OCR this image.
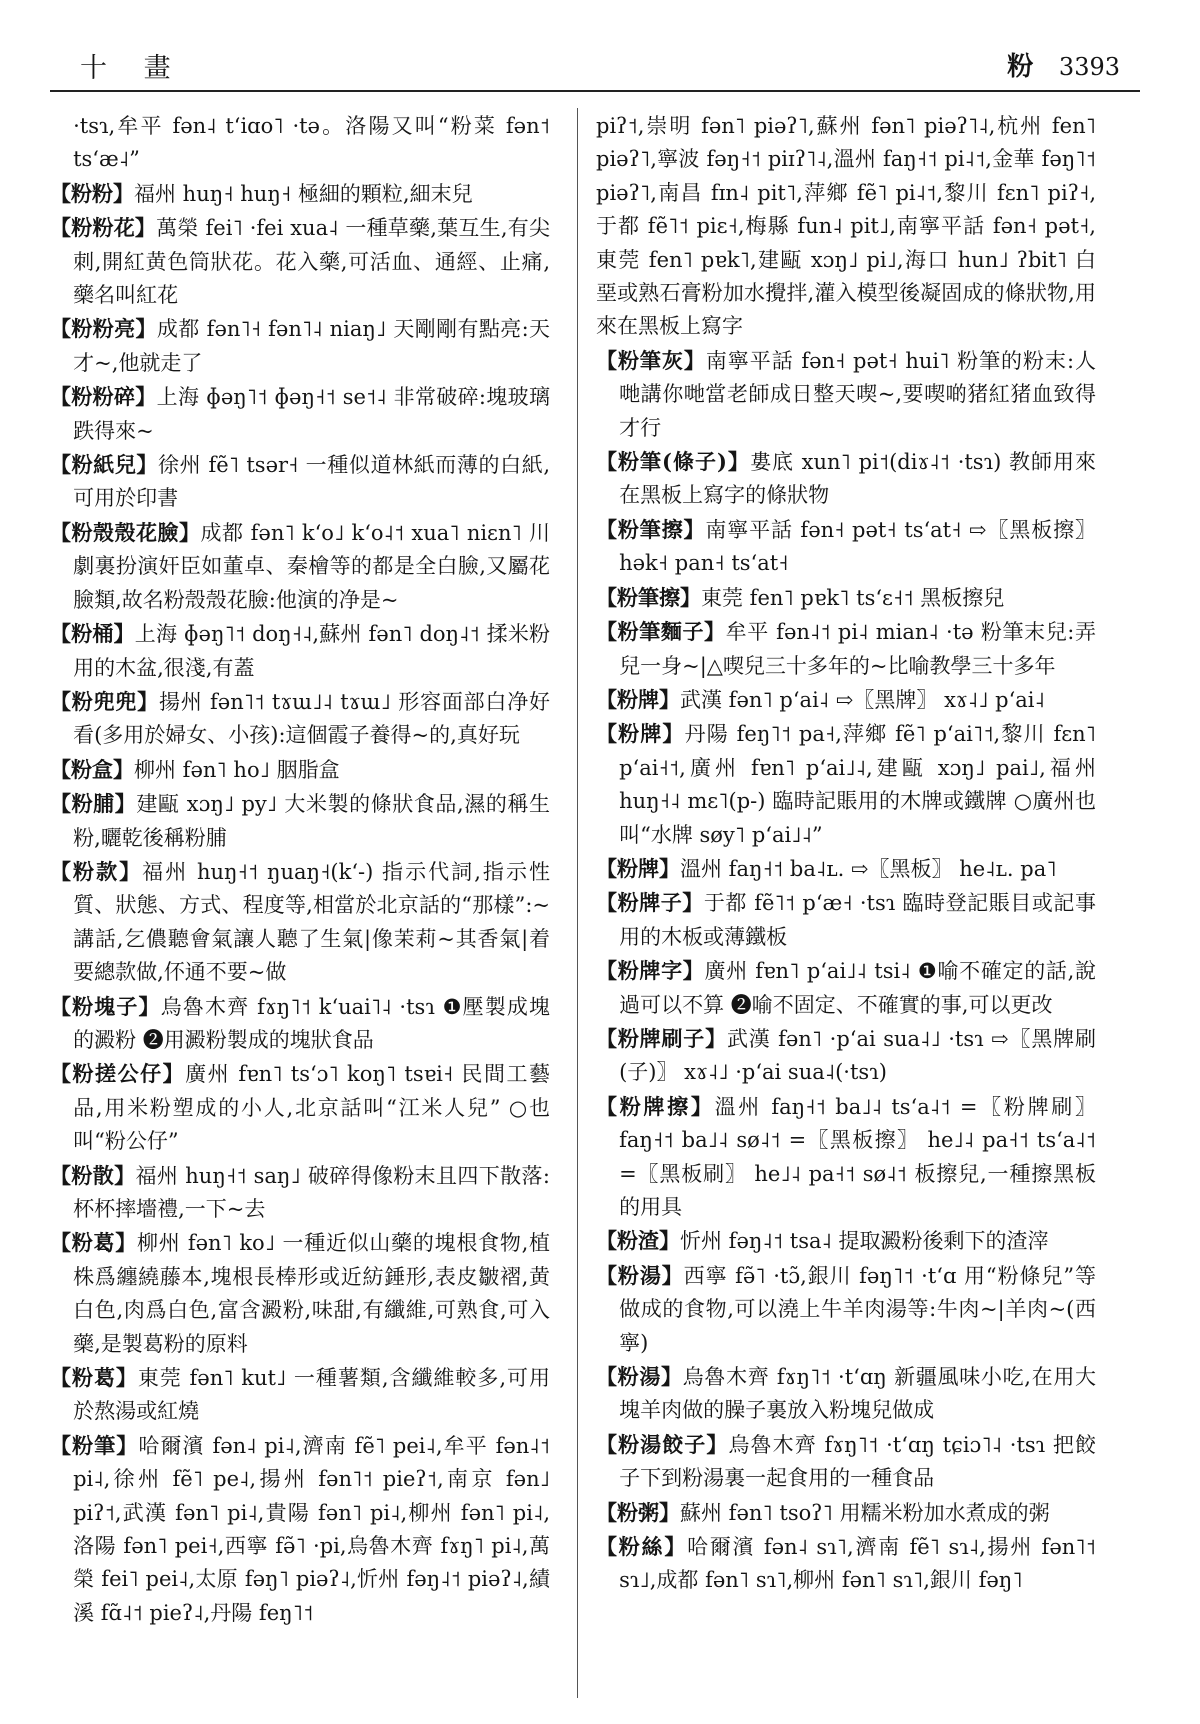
十 畫	粉 3393

·tsɿ,牟平 fən˨ tʻiɑo˥ ·tə。洛陽又叫“粉菜 fən˦ tsʻæ˨”

【粉粉】福州 huŋ˧ huŋ˧ 極細的顆粒,細末兒

【粉粉花】萬榮 fei˥ ·fei xua˨ 一種草藥,葉互生,有尖刺,開紅黄色筒狀花。花入藥,可活血、通經、止痛,藥名叫紅花

【粉粉亮】成都 fən˥˧ fən˥˨ niaŋ˩ 天剛剛有點亮:天才~,他就走了

【粉粉碎】上海 ɸəŋ˥˦ ɸəŋ˧˦ se˦˨ 非常破碎:塊玻璃跌得來~

【粉紙兒】徐州 fẽ˥ tsər˧ 一種似道林紙而薄的白紙,可用於印書

【粉殼殼花臉】成都 fən˥ kʻo˩ kʻo˨˦ xua˥ niɛn˥ 川劇裏扮演奸臣如董卓、秦檜等的都是全白臉,又屬花臉類,故名粉殼殼花臉:他演的净是~

【粉桶】上海 ɸəŋ˥˦ doŋ˧˨,蘇州 fən˥ doŋ˨˦ 揉米粉用的木盆,很淺,有蓋

【粉兜兜】揚州 fən˥˦ tɤɯ˩˨ tɤɯ˩ 形容面部白净好看(多用於婦女、小孩):這個霞子養得~的,真好玩

【粉盒】柳州 fən˥ ho˩ 胭脂盒

【粉脯】建甌 xɔŋ˩ py˩ 大米製的條狀食品,濕的稱生粉,曬乾後稱粉脯

【粉款】福州 huŋ˧˦ ŋuaŋ˧(kʻ-) 指示代詞,指示性質、狀態、方式、程度等,相當於北京話的“那樣”:~講話,乞儂聽會氣讓人聽了生氣|像茉莉~其香氣|着要總款做,伓通不要~做

【粉塊子】烏魯木齊 fɤŋ˥˦ kʻuai˥˨ ·tsɿ ❶壓製成塊的澱粉 ❷用澱粉製成的塊狀食品

【粉搓公仔】廣州 fɐn˥ tsʻɔ˥ koŋ˥ tsɐi˧ 民間工藝品,用米粉塑成的小人,北京話叫“江米人兒” ○也叫“粉公仔”

【粉散】福州 huŋ˧˦ saŋ˩ 破碎得像粉末且四下散落:杯杯摔墻禮,一下~去

【粉葛】柳州 fən˥ ko˩ 一種近似山藥的塊根食物,植株爲纏繞藤本,塊根長棒形或近紡錘形,表皮皺褶,黄白色,肉爲白色,富含澱粉,味甜,有纖維,可熟食,可入藥,是製葛粉的原料

【粉葛】東莞 fən˥ kut˩ 一種薯類,含纖維較多,可用於熬湯或紅燒

【粉筆】哈爾濱 fən˨ pi˨,濟南 fẽ˥ pei˨,牟平 fən˨˦ pi˨,徐州 fẽ˥ pe˨,揚州 fən˥˦ pieʔ˦,南京 fən˩ piʔ˦,武漢 fən˥ pi˨,貴陽 fən˥ pi˨,柳州 fən˥ pi˨,洛陽 fən˥ pei˧,西寧 fə̃˥ ·pi,烏魯木齊 fɤŋ˥ pi˨,萬榮 fei˥ pei˨,太原 fəŋ˥ piəʔ˨,忻州 fəŋ˨˦ piəʔ˨,績溪 fɑ̃˨˦ pieʔ˨,丹陽 feŋ˥˦

piʔ˦,崇明 fən˥ piəʔ˥,蘇州 fən˥ piəʔ˥˨,杭州 fen˥ piəʔ˥,寧波 fəŋ˧˦ piɪʔ˥˨,溫州 faŋ˧˦ pi˨˦,金華 fəŋ˥˦ piəʔ˥,南昌 fɪn˨ pit˥,萍鄉 fẽ˥ pi˨˦,黎川 fɛn˥ piʔ˧,于都 fẽ˥˦ piɛ˧,梅縣 fun˨ pit˩,南寧平話 fən˧ pət˧,東莞 fen˥ pɐk˥,建甌 xɔŋ˩ pi˩,海口 hun˩ ʔbit˥ 白堊或熟石膏粉加水攪拌,灌入模型後凝固成的條狀物,用來在黑板上寫字

【粉筆灰】南寧平話 fən˧ pət˧ hui˥ 粉筆的粉末:人哋講你哋當老師成日整天喫~,要喫啲猪紅猪血致得才行

【粉筆(條子)】婁底 xun˥ pi˦(diɤ˨˦ ·tsɿ) 教師用來在黑板上寫字的條狀物

【粉筆擦】南寧平話 fən˧ pət˧ tsʻat˧ ⇨〖黑板擦〗 hək˧ pan˧ tsʻat˧

【粉筆擦】東莞 fen˥ pɐk˥ tsʻɛ˧˦ 黑板擦兒

【粉筆麵子】牟平 fən˨˦ pi˨ mian˨ ·tə 粉筆末兒:弄兒一身~|△喫兒三十多年的~比喻教學三十多年

【粉牌】武漢 fən˥ pʻai˨ ⇨〖黑牌〗 xɤ˨˩ pʻai˨

【粉牌】丹陽 feŋ˥˦ pa˧,萍鄉 fẽ˥ pʻai˥˦,黎川 fɛn˥ pʻai˧˦,廣州 fɐn˥ pʻai˩˨,建甌 xɔŋ˩ pai˩,福州 huŋ˧˨ mɛ˥(p-) 臨時記賬用的木牌或鐵牌 ○廣州也叫“水牌 søy˥ pʻai˩˨”

【粉牌】溫州 faŋ˧˦ ba˨ʟ. ⇨〖黑板〗 he˨ʟ. pa˥

【粉牌子】于都 fẽ˥˦ pʻæ˧ ·tsɿ 臨時登記賬目或記事用的木板或薄鐵板

【粉牌字】廣州 fɐn˥ pʻai˩˨ tsi˨ ❶喻不確定的話,說過可以不算 ❷喻不固定、不確實的事,可以更改

【粉牌刷子】武漢 fən˥ ·pʻai sua˨˩ ·tsɿ ⇨〖黑牌刷(子)〗 xɤ˨˩ ·pʻai sua˨(·tsɿ)

【粉牌擦】溫州 faŋ˧˦ ba˩˨ tsʻa˨˦ =〖粉牌刷〗 faŋ˧˦ ba˩˨ sø˨˦ =〖黑板擦〗 he˩˨ pa˧˦ tsʻa˨˦ =〖黑板刷〗 he˩˨ pa˧˦ sø˨˦ 板擦兒,一種擦黑板的用具

【粉渣】忻州 fəŋ˨˦ tsa˨ 提取澱粉後剩下的渣滓

【粉湯】西寧 fə̃˥ ·tɔ̃,銀川 fəŋ˥˦ ·tʻɑ 用“粉條兒”等做成的食物,可以澆上牛羊肉湯等:牛肉~|羊肉~(西寧)

【粉湯】烏魯木齊 fɤŋ˥˦ ·tʻɑŋ 新疆風味小吃,在用大塊羊肉做的臊子裏放入粉塊兒做成

【粉湯餃子】烏魯木齊 fɤŋ˥˦ ·tʻɑŋ tɕiɔ˥˨ ·tsɿ 把餃子下到粉湯裏一起食用的一種食品

【粉粥】蘇州 fən˥ tsoʔ˥ 用糯米粉加水煮成的粥

【粉絲】哈爾濱 fən˨ sɿ˥,濟南 fẽ˥ sɿ˨,揚州 fən˥˦ sɿ˩,成都 fən˥ sɿ˥,柳州 fən˥ sɿ˥,銀川 fəŋ˥
